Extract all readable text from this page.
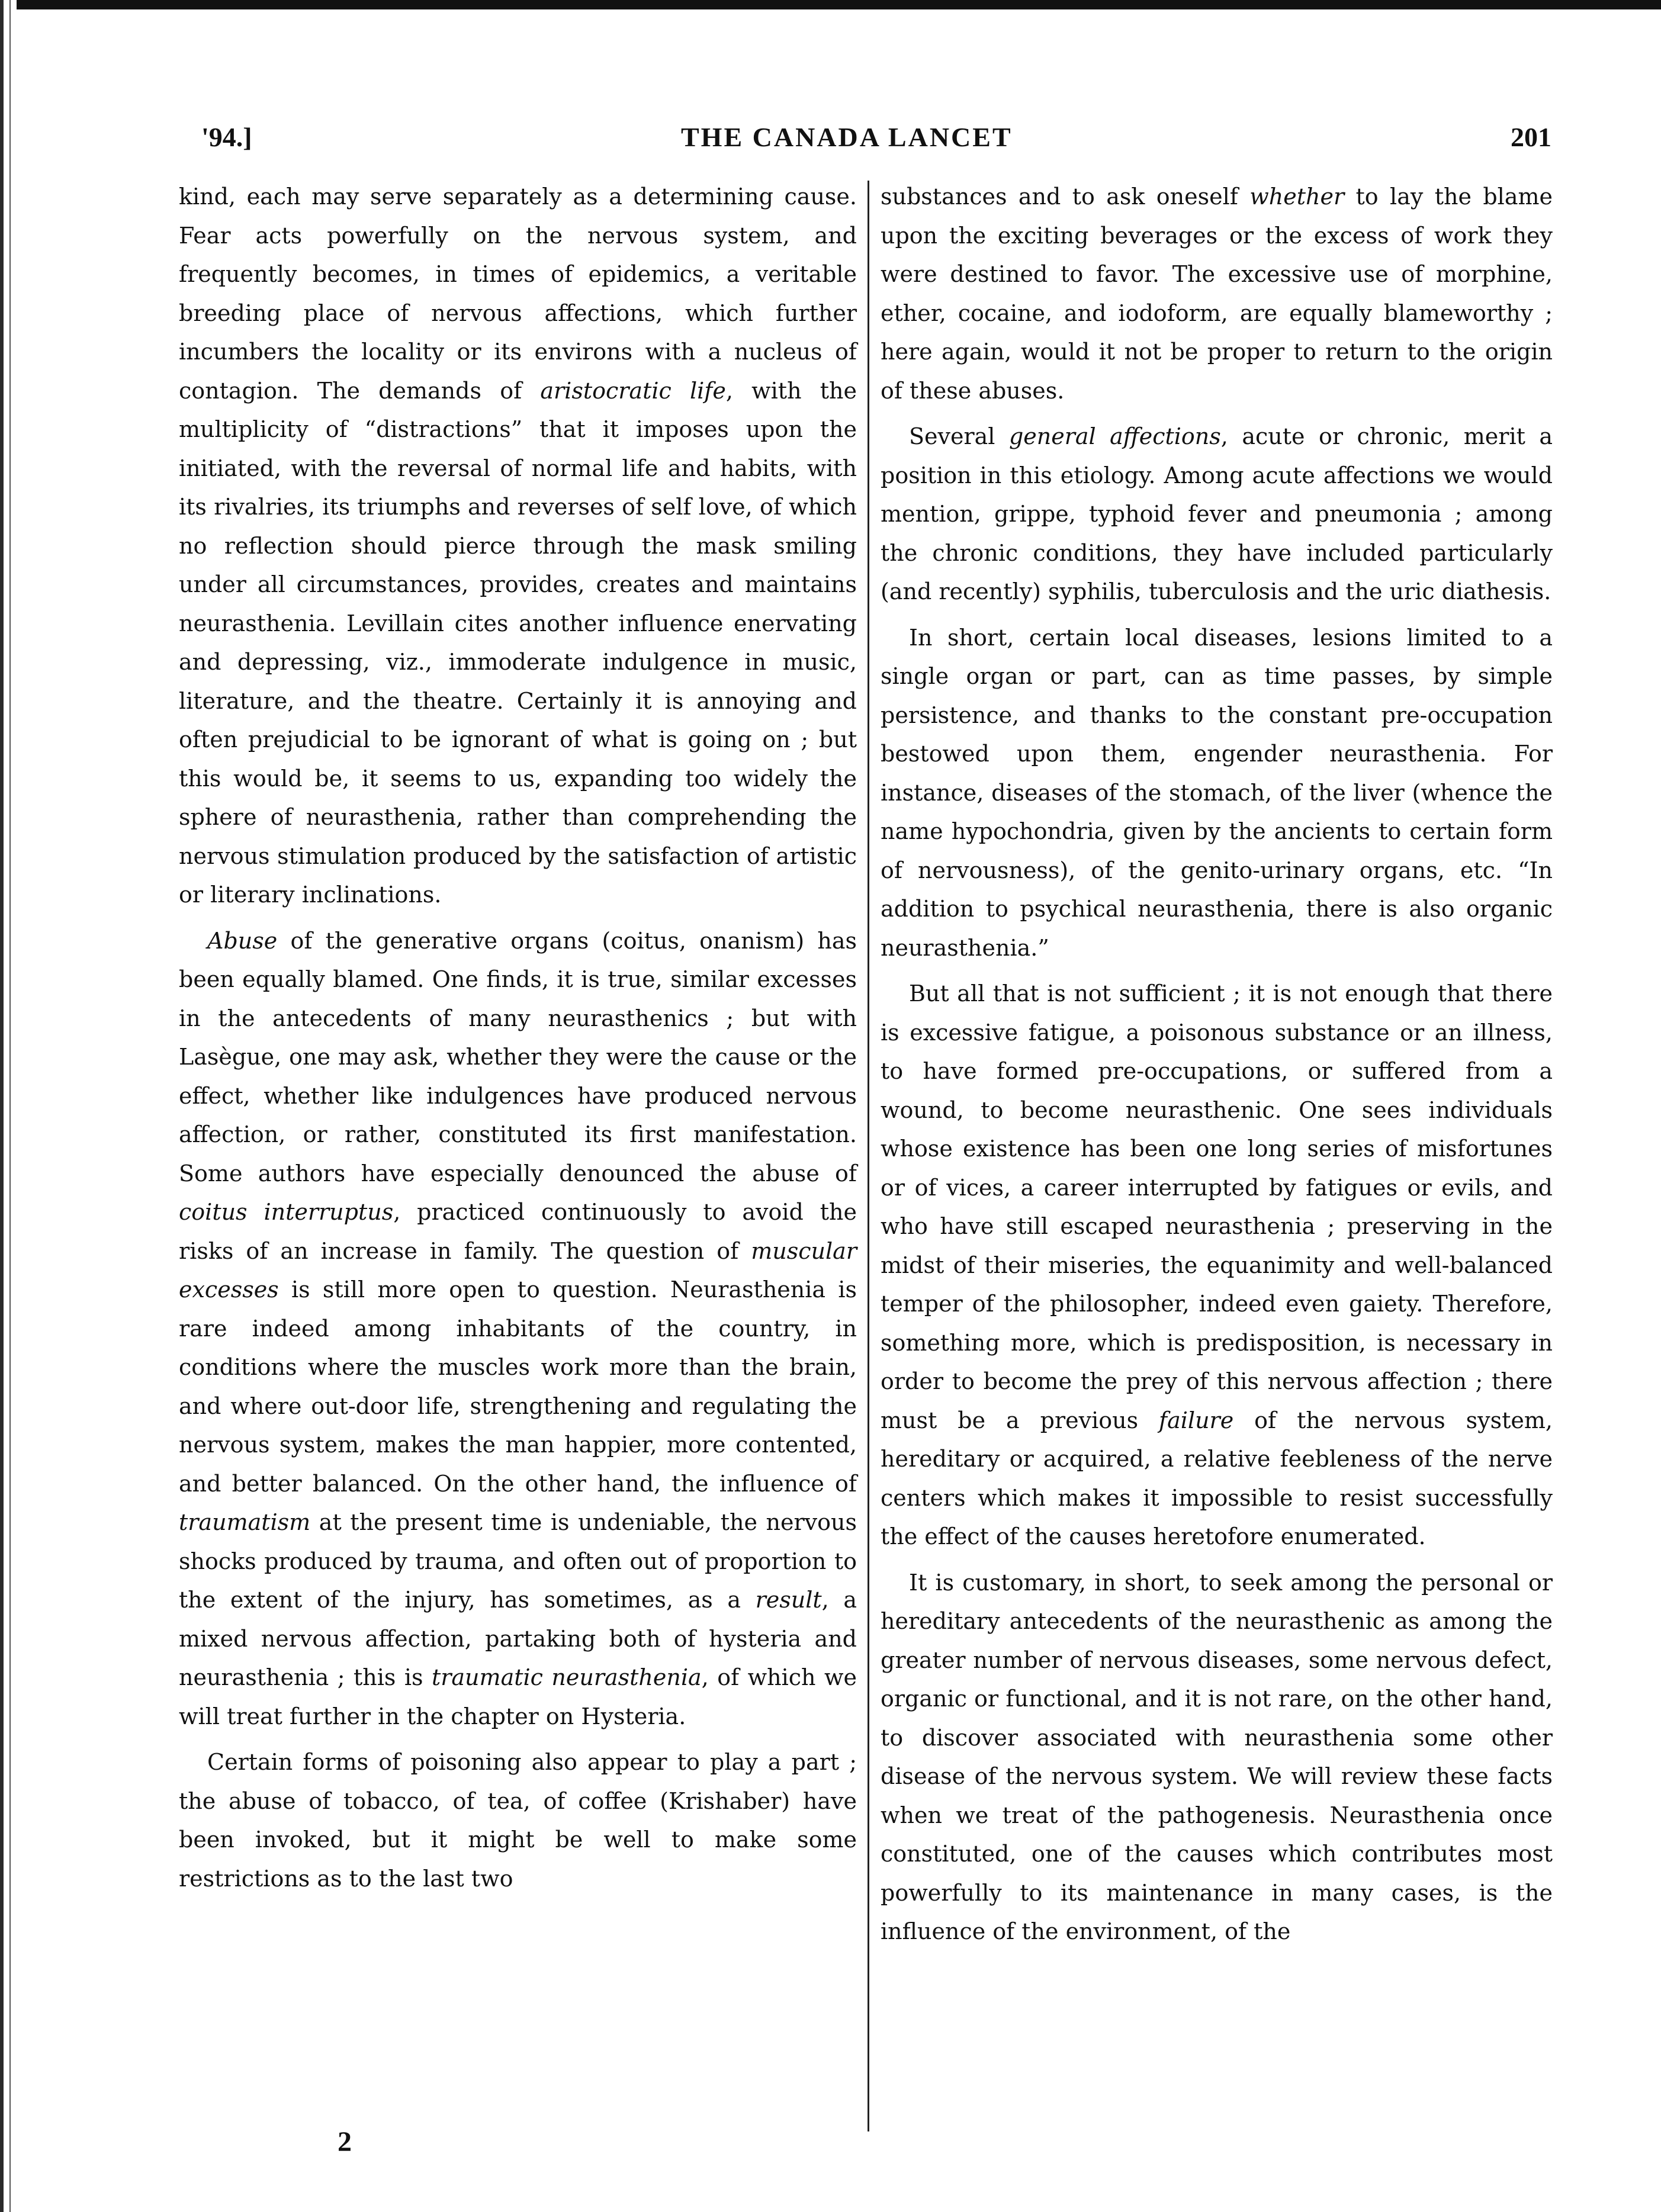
'94.]	THE CANADA LANCET	201

kind, each may serve separately as a determining cause. Fear acts powerfully on the nervous system, and frequently becomes, in times of epidemics, a veritable breeding place of nervous affections, which further incumbers the locality or its environs with a nucleus of contagion. The demands of aristocratic life, with the multiplicity of “distractions” that it imposes upon the initiated, with the reversal of normal life and habits, with its rivalries, its triumphs and reverses of self love, of which no reflection should pierce through the mask smiling under all circumstances, provides, creates and maintains neurasthenia. Levillain cites another influence enervating and depressing, viz., immoderate indulgence in music, literature, and the theatre. Certainly it is annoying and often prejudicial to be ignorant of what is going on ; but this would be, it seems to us, expanding too widely the sphere of neurasthenia, rather than comprehending the nervous stimulation produced by the satisfaction of artistic or literary inclinations.

Abuse of the generative organs (coitus, onanism) has been equally blamed. One finds, it is true, similar excesses in the antecedents of many neurasthenics ; but with Lasègue, one may ask, whether they were the cause or the effect, whether like indulgences have produced nervous affection, or rather, constituted its first manifestation. Some authors have especially denounced the abuse of coitus interruptus, practiced continuously to avoid the risks of an increase in family. The question of muscular excesses is still more open to question. Neurasthenia is rare indeed among inhabitants of the country, in conditions where the muscles work more than the brain, and where out-door life, strengthening and regulating the nervous system, makes the man happier, more contented, and better balanced. On the other hand, the influence of traumatism at the present time is undeniable, the nervous shocks produced by trauma, and often out of proportion to the extent of the injury, has sometimes, as a result, a mixed nervous affection, partaking both of hysteria and neurasthenia ; this is traumatic neurasthenia, of which we will treat further in the chapter on Hysteria.

Certain forms of poisoning also appear to play a part ; the abuse of tobacco, of tea, of coffee (Krishaber) have been invoked, but it might be well to make some restrictions as to the last two

substances and to ask oneself whether to lay the blame upon the exciting beverages or the excess of work they were destined to favor. The excessive use of morphine, ether, cocaine, and iodoform, are equally blameworthy ; here again, would it not be proper to return to the origin of these abuses.

Several general affections, acute or chronic, merit a position in this etiology. Among acute affections we would mention, grippe, typhoid fever and pneumonia ; among the chronic conditions, they have included particularly (and recently) syphilis, tuberculosis and the uric diathesis.

In short, certain local diseases, lesions limited to a single organ or part, can as time passes, by simple persistence, and thanks to the constant pre-occupation bestowed upon them, engender neurasthenia. For instance, diseases of the stomach, of the liver (whence the name hypochondria, given by the ancients to certain form of nervousness), of the genito-urinary organs, etc. “In addition to psychical neurasthenia, there is also organic neurasthenia.”

But all that is not sufficient ; it is not enough that there is excessive fatigue, a poisonous substance or an illness, to have formed pre-occupations, or suffered from a wound, to become neurasthenic. One sees individuals whose existence has been one long series of misfortunes or of vices, a career interrupted by fatigues or evils, and who have still escaped neurasthenia ; preserving in the midst of their miseries, the equanimity and well-balanced temper of the philosopher, indeed even gaiety. Therefore, something more, which is predisposition, is necessary in order to become the prey of this nervous affection ; there must be a previous failure of the nervous system, hereditary or acquired, a relative feebleness of the nerve centers which makes it impossible to resist successfully the effect of the causes heretofore enumerated.

It is customary, in short, to seek among the personal or hereditary antecedents of the neurasthenic as among the greater number of nervous diseases, some nervous defect, organic or functional, and it is not rare, on the other hand, to discover associated with neurasthenia some other disease of the nervous system. We will review these facts when we treat of the pathogenesis. Neurasthenia once constituted, one of the causes which contributes most powerfully to its maintenance in many cases, is the influence of the environment, of the

2
